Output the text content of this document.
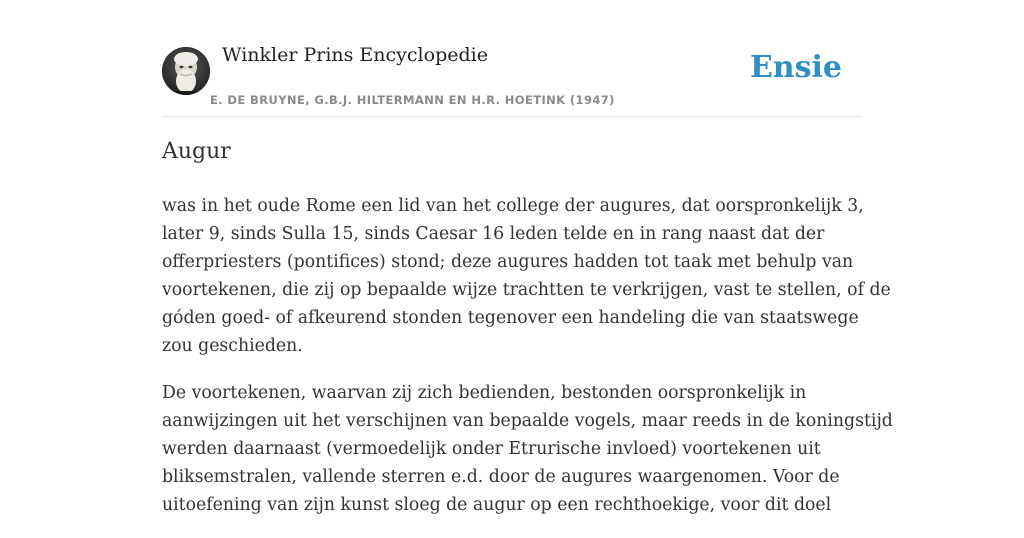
Winkler Prins Encyclopedie
E. DE BRUYNE, G.B.J. HILTERMANN EN H.R. HOETINK (1947)
Ensie
Augur

was in het oude Rome een lid van het college der augures, dat oorspronkelijk 3,
later 9, sinds Sulla 15, sinds Caesar 16 leden telde en in rang naast dat der
offerpriesters (pontifices) stond; deze augures hadden tot taak met behulp van
voortekenen, die zij op bepaalde wijze trachtten te verkrijgen, vast te stellen, of de
góden goed- of afkeurend stonden tegenover een handeling die van staatswege
zou geschieden.

De voortekenen, waarvan zij zich bedienden, bestonden oorspronkelijk in
aanwijzingen uit het verschijnen van bepaalde vogels, maar reeds in de koningstijd
werden daarnaast (vermoedelijk onder Etrurische invloed) voortekenen uit
bliksemstralen, vallende sterren e.d. door de augures waargenomen. Voor de
uitoefening van zijn kunst sloeg de augur op een rechthoekige, voor dit doel
